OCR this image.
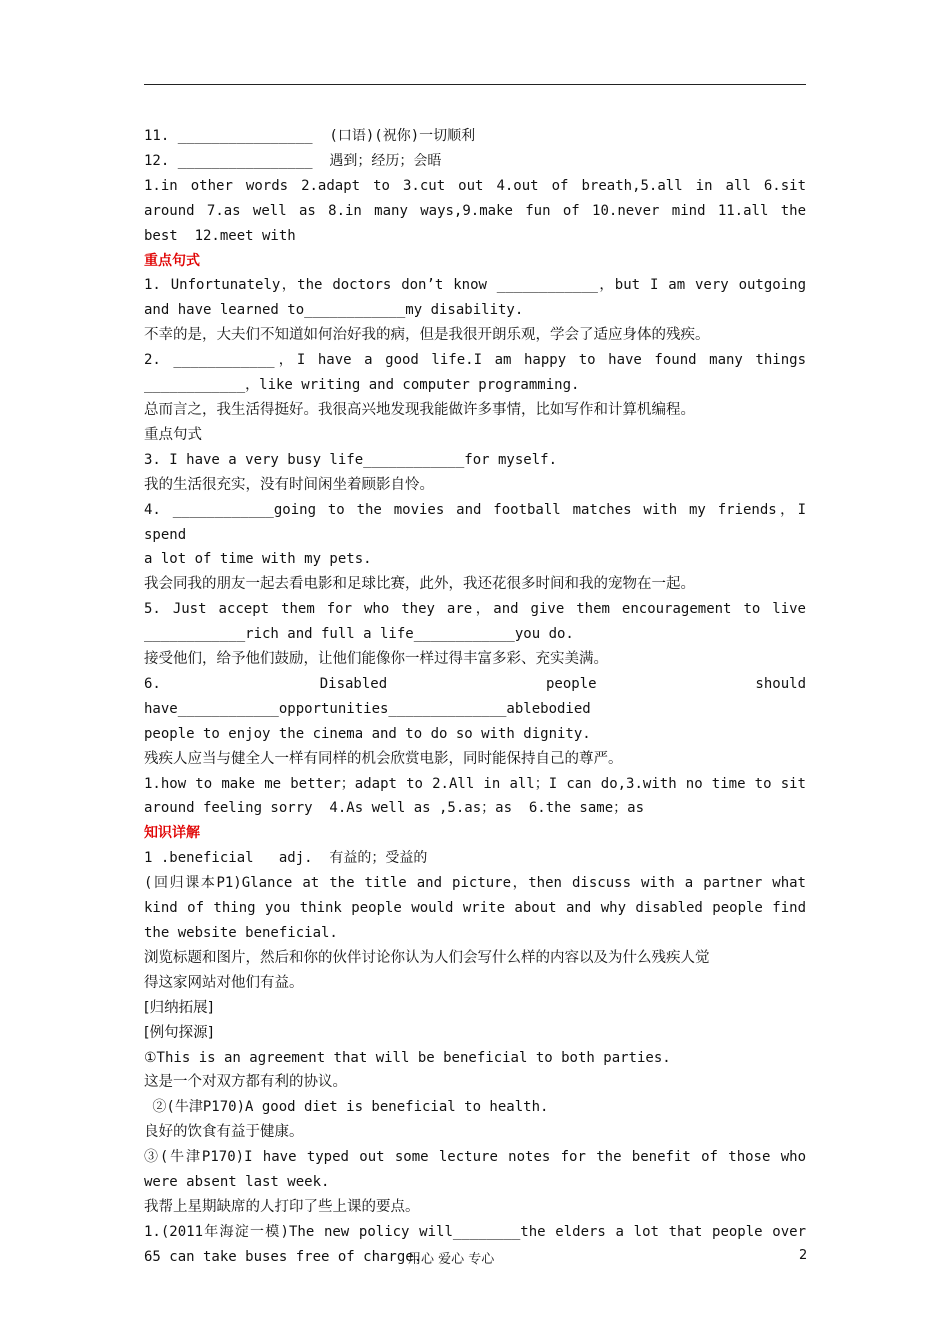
11. ________________  (口语)(祝你)一切顺利
12. ________________  遇到；经历；会晤
1.in other words 2.adapt to 3.cut out 4.out of breath,5.all in all 6.sit
around 7.as well as 8.in many ways,9.make fun of 10.never mind 11.all the
best  12.meet with
重点句式
1. Unfortunately，the doctors don’t know ____________，but I am very outgoing
and have learned to____________my disability.
不幸的是，大夫们不知道如何治好我的病，但是我很开朗乐观，学会了适应身体的残疾。
2. ____________，I have a good life.I am happy to have found many things
____________，like writing and computer programming.
总而言之，我生活得挺好。我很高兴地发现我能做许多事情，比如写作和计算机编程。
重点句式
3. I have a very busy life____________for myself.
我的生活很充实，没有时间闲坐着顾影自怜。
4. ____________going to the movies and football matches with my friends，I spend
a lot of time with my pets.
我会同我的朋友一起去看电影和足球比赛，此外，我还花很多时间和我的宠物在一起。
5. Just accept them for who they are，and give them encouragement to live
____________rich and full a life____________you do.
接受他们，给予他们鼓励，让他们能像你一样过得丰富多彩、充实美满。
6. Disabled people should have____________opportunities______________ablebodied
people to enjoy the cinema and to do so with dignity.
残疾人应当与健全人一样有同样的机会欣赏电影，同时能保持自己的尊严。
1.how to make me better；adapt to 2.All in all；I can do,3.with no time to sit
around feeling sorry  4.As well as ,5.as；as  6.the same；as
知识详解
1 .beneficial   adj.  有益的；受益的
(回归课本P1)Glance at the title and picture，then discuss with a partner what
kind of thing you think people would write about and why disabled people find
the website beneficial.
浏览标题和图片，然后和你的伙伴讨论你认为人们会写什么样的内容以及为什么残疾人觉
得这家网站对他们有益。
[归纳拓展]
[例句探源]
①This is an agreement that will be beneficial to both parties.
这是一个对双方都有利的协议。
②(牛津P170)A good diet is beneficial to health.
良好的饮食有益于健康。
③(牛津P170)I have typed out some lecture notes for the benefit of those who
were absent last week.
我帮上星期缺席的人打印了些上课的要点。
1.(2011年海淀一模)The new policy will________the elders a lot that people over
65 can take buses free of charge.
用心 爱心 专心	2
